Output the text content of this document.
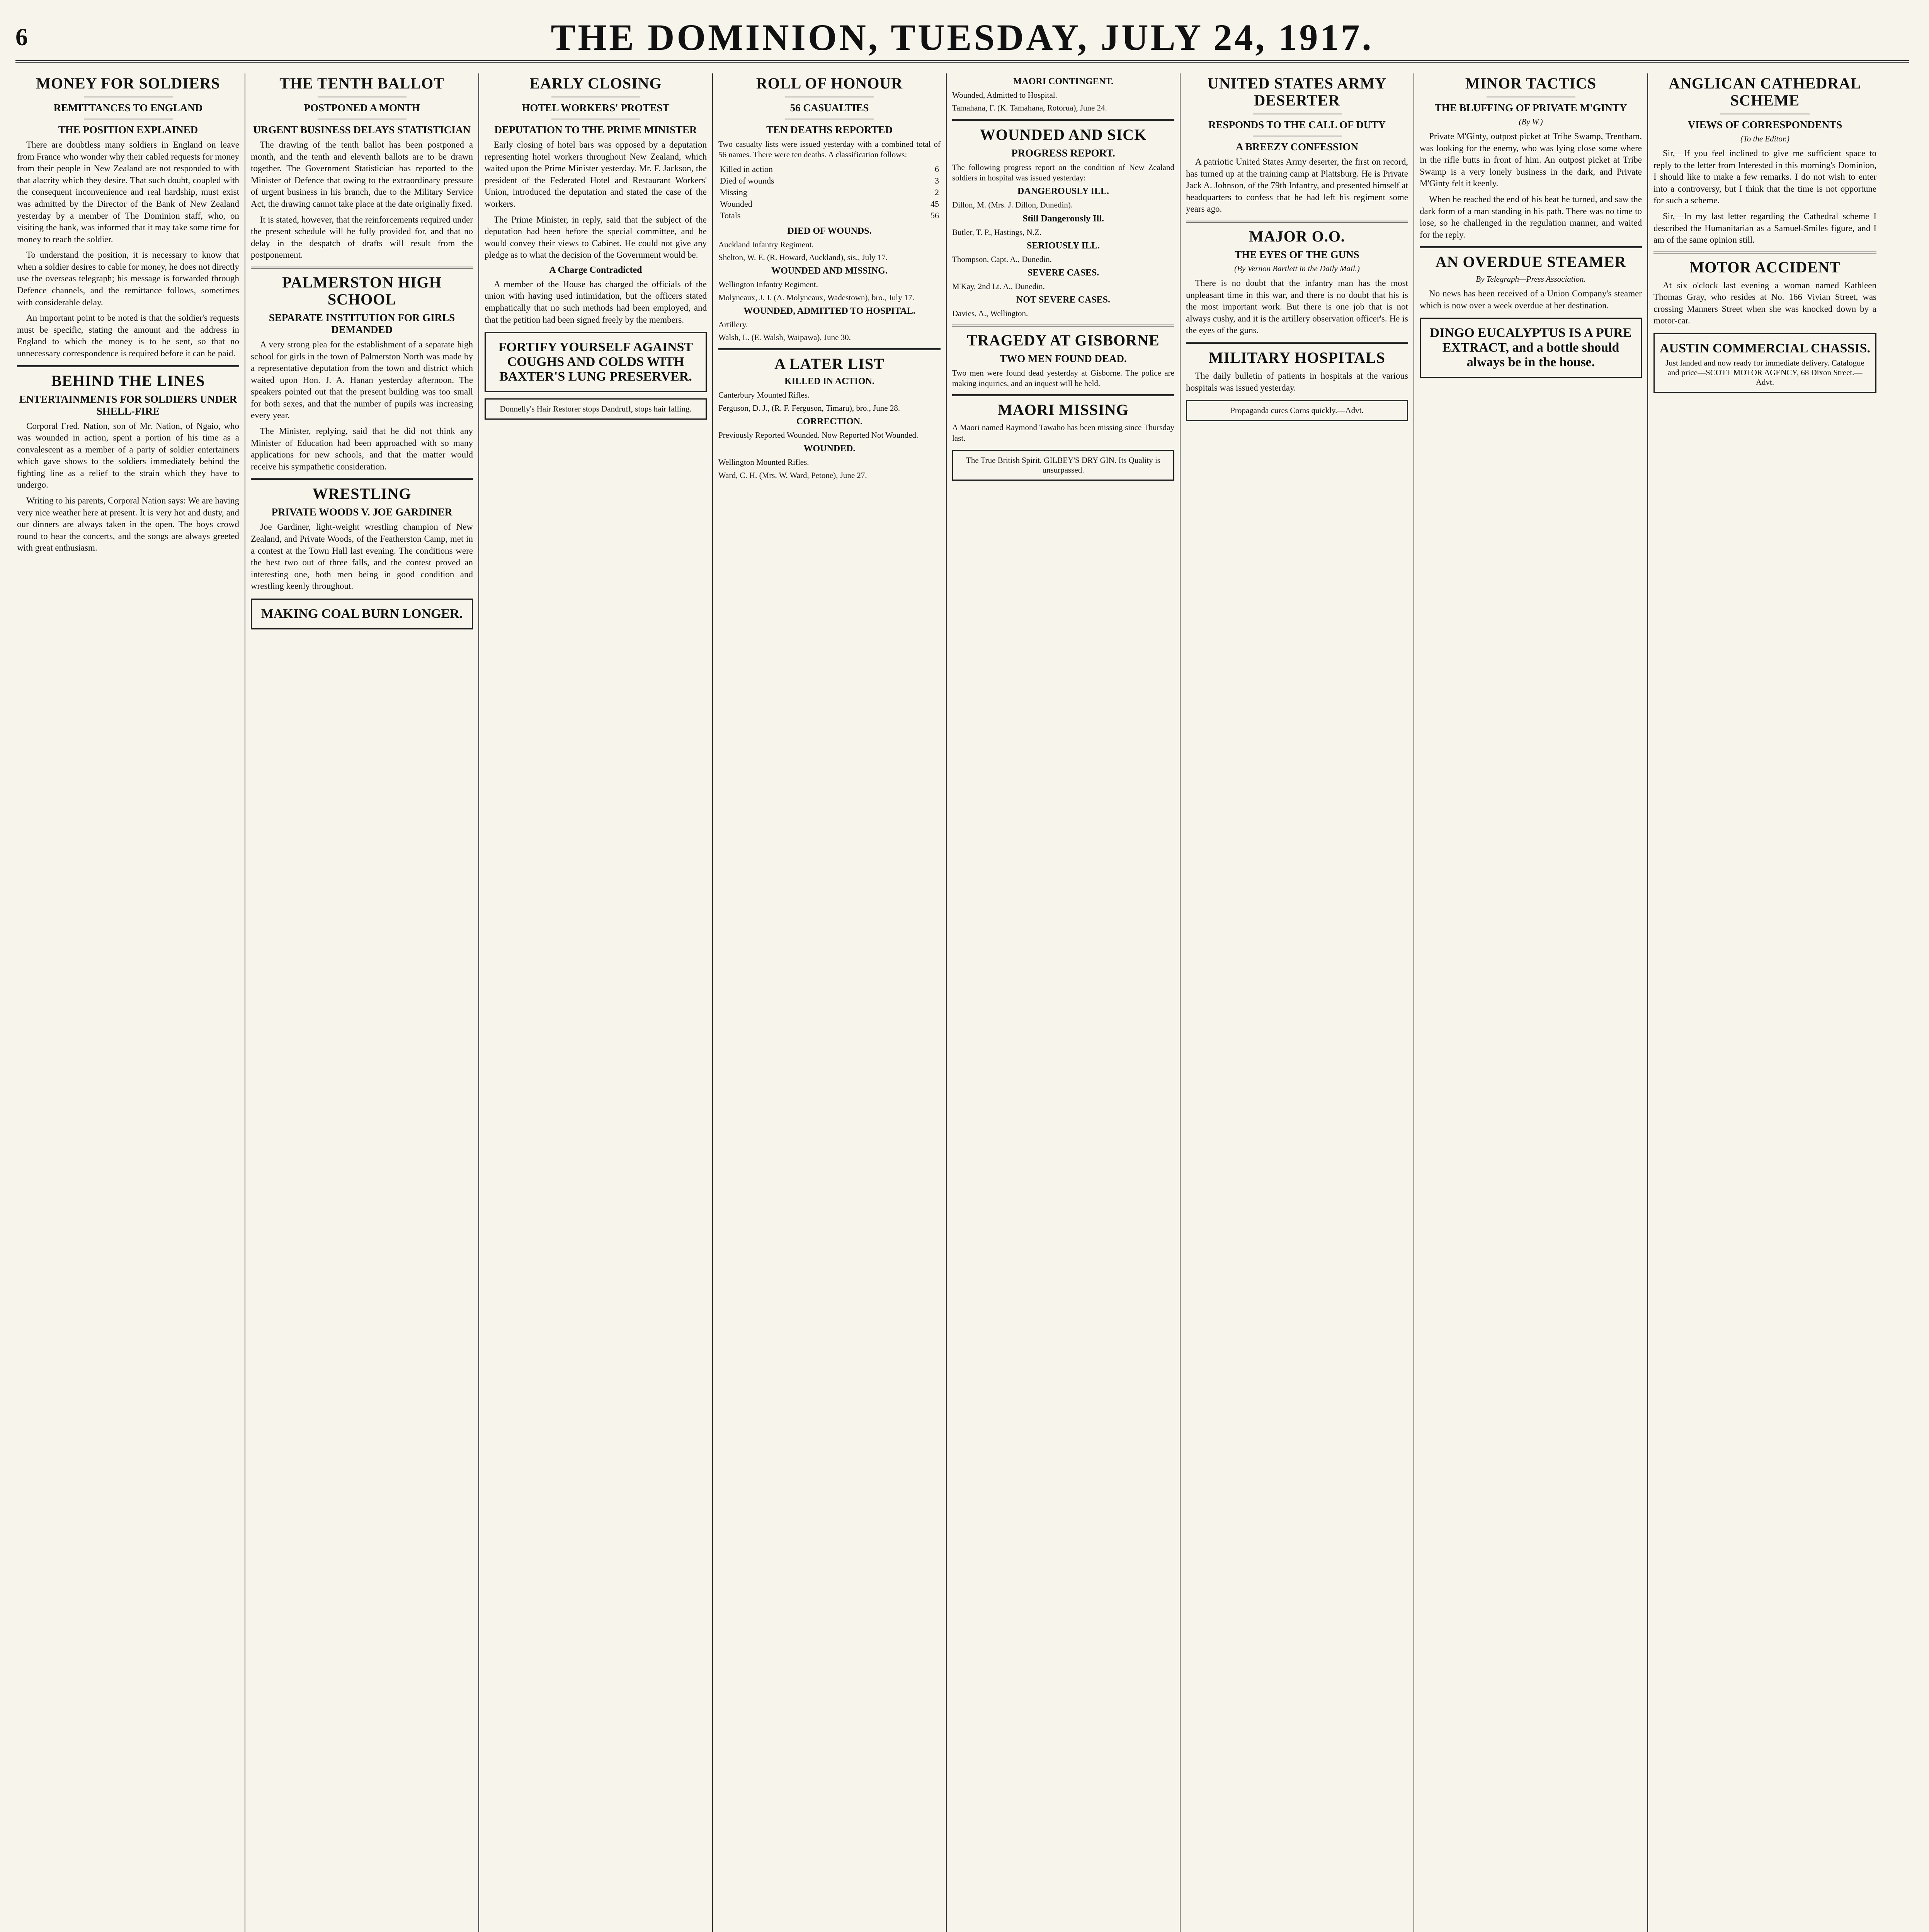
6	THE DOMINION, TUESDAY, JULY 24, 1917.
MONEY FOR SOLDIERS
REMITTANCES TO ENGLAND
THE POSITION EXPLAINED

There are doubtless many soldiers in England on leave from France who wonder why their cabled requests for money from their people in New Zealand are not responded to with that alacrity which they desire. That such doubt, coupled with the consequent inconvenience and real hardship, must exist was admitted by the Director of the Bank of New Zealand yesterday by a member of The Dominion staff, who, on visiting the bank, was informed that it may take some time for money to reach the soldier.

To understand the position, it is necessary to know that when a soldier desires to cable for money, he does not directly use the overseas telegraph; his message is forwarded through Defence channels, and the remittance follows, sometimes with considerable delay.

An important point to be noted is that the soldier's requests must be specific, stating the amount and the address in England to which the money is to be sent, so that no unnecessary correspondence is required before it can be paid.

BEHIND THE LINES
ENTERTAINMENTS FOR SOLDIERS UNDER SHELL-FIRE

Corporal Fred. Nation, son of Mr. Nation, of Ngaio, who was wounded in action, spent a portion of his time as a convalescent as a member of a party of soldier entertainers which gave shows to the soldiers immediately behind the fighting line as a relief to the strain which they have to undergo.

Writing to his parents, Corporal Nation says: We are having very nice weather here at present. It is very hot and dusty, and our dinners are always taken in the open. The boys crowd round to hear the concerts, and the songs are always greeted with great enthusiasm.

THE TENTH BALLOT
POSTPONED A MONTH
URGENT BUSINESS DELAYS STATISTICIAN

The drawing of the tenth ballot has been postponed a month, and the tenth and eleventh ballots are to be drawn together. The Government Statistician has reported to the Minister of Defence that owing to the extraordinary pressure of urgent business in his branch, due to the Military Service Act, the drawing cannot take place at the date originally fixed.

It is stated, however, that the reinforcements required under the present schedule will be fully provided for, and that no delay in the despatch of drafts will result from the postponement.

PALMERSTON HIGH SCHOOL
SEPARATE INSTITUTION FOR GIRLS DEMANDED

A very strong plea for the establishment of a separate high school for girls in the town of Palmerston North was made by a representative deputation from the town and district which waited upon Hon. J. A. Hanan yesterday afternoon. The speakers pointed out that the present building was too small for both sexes, and that the number of pupils was increasing every year.

The Minister, replying, said that he did not think any Minister of Education had been approached with so many applications for new schools, and that the matter would receive his sympathetic consideration.

WRESTLING
PRIVATE WOODS V. JOE GARDINER

Joe Gardiner, light-weight wrestling champion of New Zealand, and Private Woods, of the Featherston Camp, met in a contest at the Town Hall last evening. The conditions were the best two out of three falls, and the contest proved an interesting one, both men being in good condition and wrestling keenly throughout.

MAKING COAL BURN LONGER.
EARLY CLOSING
HOTEL WORKERS' PROTEST
DEPUTATION TO THE PRIME MINISTER

Early closing of hotel bars was opposed by a deputation representing hotel workers throughout New Zealand, which waited upon the Prime Minister yesterday. Mr. F. Jackson, the president of the Federated Hotel and Restaurant Workers' Union, introduced the deputation and stated the case of the workers.

The Prime Minister, in reply, said that the subject of the deputation had been before the special committee, and he would convey their views to Cabinet. He could not give any pledge as to what the decision of the Government would be.

A Charge Contradicted

A member of the House has charged the officials of the union with having used intimidation, but the officers stated emphatically that no such methods had been employed, and that the petition had been signed freely by the members.

FORTIFY YOURSELF AGAINST COUGHS AND COLDS WITH BAXTER'S LUNG PRESERVER.
Donnelly's Hair Restorer stops Dandruff, stops hair falling.
ROLL OF HONOUR
56 CASUALTIES
TEN DEATHS REPORTED

Two casualty lists were issued yesterday with a combined total of 56 names. There were ten deaths. A classification follows:

Killed in action	6
Died of wounds	3
Missing	2
Wounded	45
Totals	56
DIED OF WOUNDS.

Auckland Infantry Regiment.

Shelton, W. E. (R. Howard, Auckland), sis., July 17.

WOUNDED AND MISSING.

Wellington Infantry Regiment.

Molyneaux, J. J. (A. Molyneaux, Wadestown), bro., July 17.

WOUNDED, ADMITTED TO HOSPITAL.

Artillery.

Walsh, L. (E. Walsh, Waipawa), June 30.

A LATER LIST
KILLED IN ACTION.

Canterbury Mounted Rifles.

Ferguson, D. J., (R. F. Ferguson, Timaru), bro., June 28.

CORRECTION.

Previously Reported Wounded. Now Reported Not Wounded.

WOUNDED.

Wellington Mounted Rifles.

Ward, C. H. (Mrs. W. Ward, Petone), June 27.

MAORI CONTINGENT.

Wounded, Admitted to Hospital.

Tamahana, F. (K. Tamahana, Rotorua), June 24.

WOUNDED AND SICK
PROGRESS REPORT.

The following progress report on the condition of New Zealand soldiers in hospital was issued yesterday:

DANGEROUSLY ILL.

Dillon, M. (Mrs. J. Dillon, Dunedin).

Still Dangerously Ill.

Butler, T. P., Hastings, N.Z.

SERIOUSLY ILL.

Thompson, Capt. A., Dunedin.

SEVERE CASES.

M'Kay, 2nd Lt. A., Dunedin.

NOT SEVERE CASES.

Davies, A., Wellington.

TRAGEDY AT GISBORNE
TWO MEN FOUND DEAD.

Two men were found dead yesterday at Gisborne. The police are making inquiries, and an inquest will be held.

MAORI MISSING

A Maori named Raymond Tawaho has been missing since Thursday last.

The True British Spirit. GILBEY'S DRY GIN. Its Quality is unsurpassed.
UNITED STATES ARMY DESERTER
RESPONDS TO THE CALL OF DUTY
A BREEZY CONFESSION

A patriotic United States Army deserter, the first on record, has turned up at the training camp at Plattsburg. He is Private Jack A. Johnson, of the 79th Infantry, and presented himself at headquarters to confess that he had left his regiment some years ago.

MAJOR O.O.
THE EYES OF THE GUNS
(By Vernon Bartlett in the Daily Mail.)

There is no doubt that the infantry man has the most unpleasant time in this war, and there is no doubt that his is the most important work. But there is one job that is not always cushy, and it is the artillery observation officer's. He is the eyes of the guns.

MILITARY HOSPITALS

The daily bulletin of patients in hospitals at the various hospitals was issued yesterday.

Propaganda cures Corns quickly.—Advt.
MINOR TACTICS
THE BLUFFING OF PRIVATE M'GINTY
(By W.)

Private M'Ginty, outpost picket at Tribe Swamp, Trentham, was looking for the enemy, who was lying close some where in the rifle butts in front of him. An outpost picket at Tribe Swamp is a very lonely business in the dark, and Private M'Ginty felt it keenly.

When he reached the end of his beat he turned, and saw the dark form of a man standing in his path. There was no time to lose, so he challenged in the regulation manner, and waited for the reply.

AN OVERDUE STEAMER
By Telegraph—Press Association.

No news has been received of a Union Company's steamer which is now over a week overdue at her destination.

DINGO EUCALYPTUS IS A PURE EXTRACT, and a bottle should always be in the house.
ANGLICAN CATHEDRAL SCHEME
VIEWS OF CORRESPONDENTS
(To the Editor.)

Sir,—If you feel inclined to give me sufficient space to reply to the letter from Interested in this morning's Dominion, I should like to make a few remarks. I do not wish to enter into a controversy, but I think that the time is not opportune for such a scheme.

Sir,—In my last letter regarding the Cathedral scheme I described the Humanitarian as a Samuel-Smiles figure, and I am of the same opinion still.

MOTOR ACCIDENT

At six o'clock last evening a woman named Kathleen Thomas Gray, who resides at No. 166 Vivian Street, was crossing Manners Street when she was knocked down by a motor-car.

AUSTIN COMMERCIAL CHASSIS.
Just landed and now ready for immediate delivery. Catalogue and price—SCOTT MOTOR AGENCY, 68 Dixon Street.—Advt.
